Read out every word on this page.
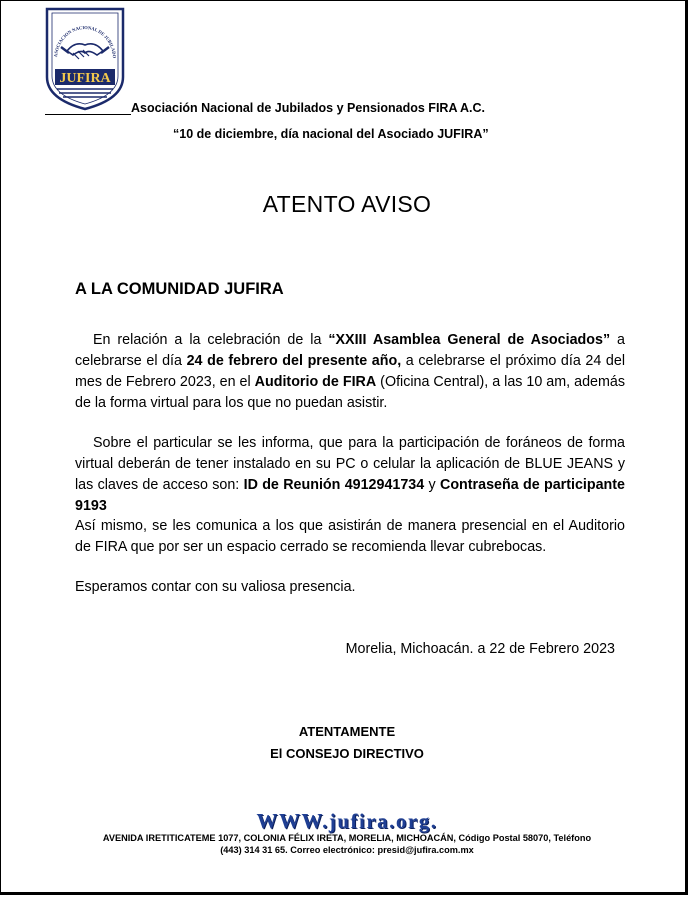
ASOCIACION NACIONAL DE JUBILADO
JUFIRA
Asociación Nacional de Jubilados y Pensionados FIRA A.C.
“10 de diciembre, día nacional del Asociado JUFIRA”
ATENTO AVISO
A LA COMUNIDAD JUFIRA

En relación a la celebración de la “XXIII Asamblea General de Asociados” a celebrarse el día 24 de febrero del presente año, a celebrarse el próximo día 24 del mes de Febrero 2023, en el Auditorio de FIRA (Oficina Central), a las 10 am, además de la forma virtual para los que no puedan asistir.

Sobre el particular se les informa, que para la participación de foráneos de forma virtual deberán de tener instalado en su PC o celular la aplicación de BLUE JEANS y las claves de acceso son: ID de Reunión 4912941734 y Contraseña de participante 9193

Así mismo, se les comunica a los que asistirán de manera presencial en el Auditorio de FIRA que por ser un espacio cerrado se recomienda llevar cubrebocas.

Esperamos contar con su valiosa presencia.

Morelia, Michoacán. a 22 de Febrero 2023
ATENTAMENTE
El CONSEJO DIRECTIVO
WWW.jufira.org.
AVENIDA IRETITICATEME 1077, COLONIA FÉLIX IRETA, MORELIA, MICHOACÁN, Código Postal 58070, Teléfono
(443) 314 31 65. Correo electrónico: presid@jufira.com.mx
